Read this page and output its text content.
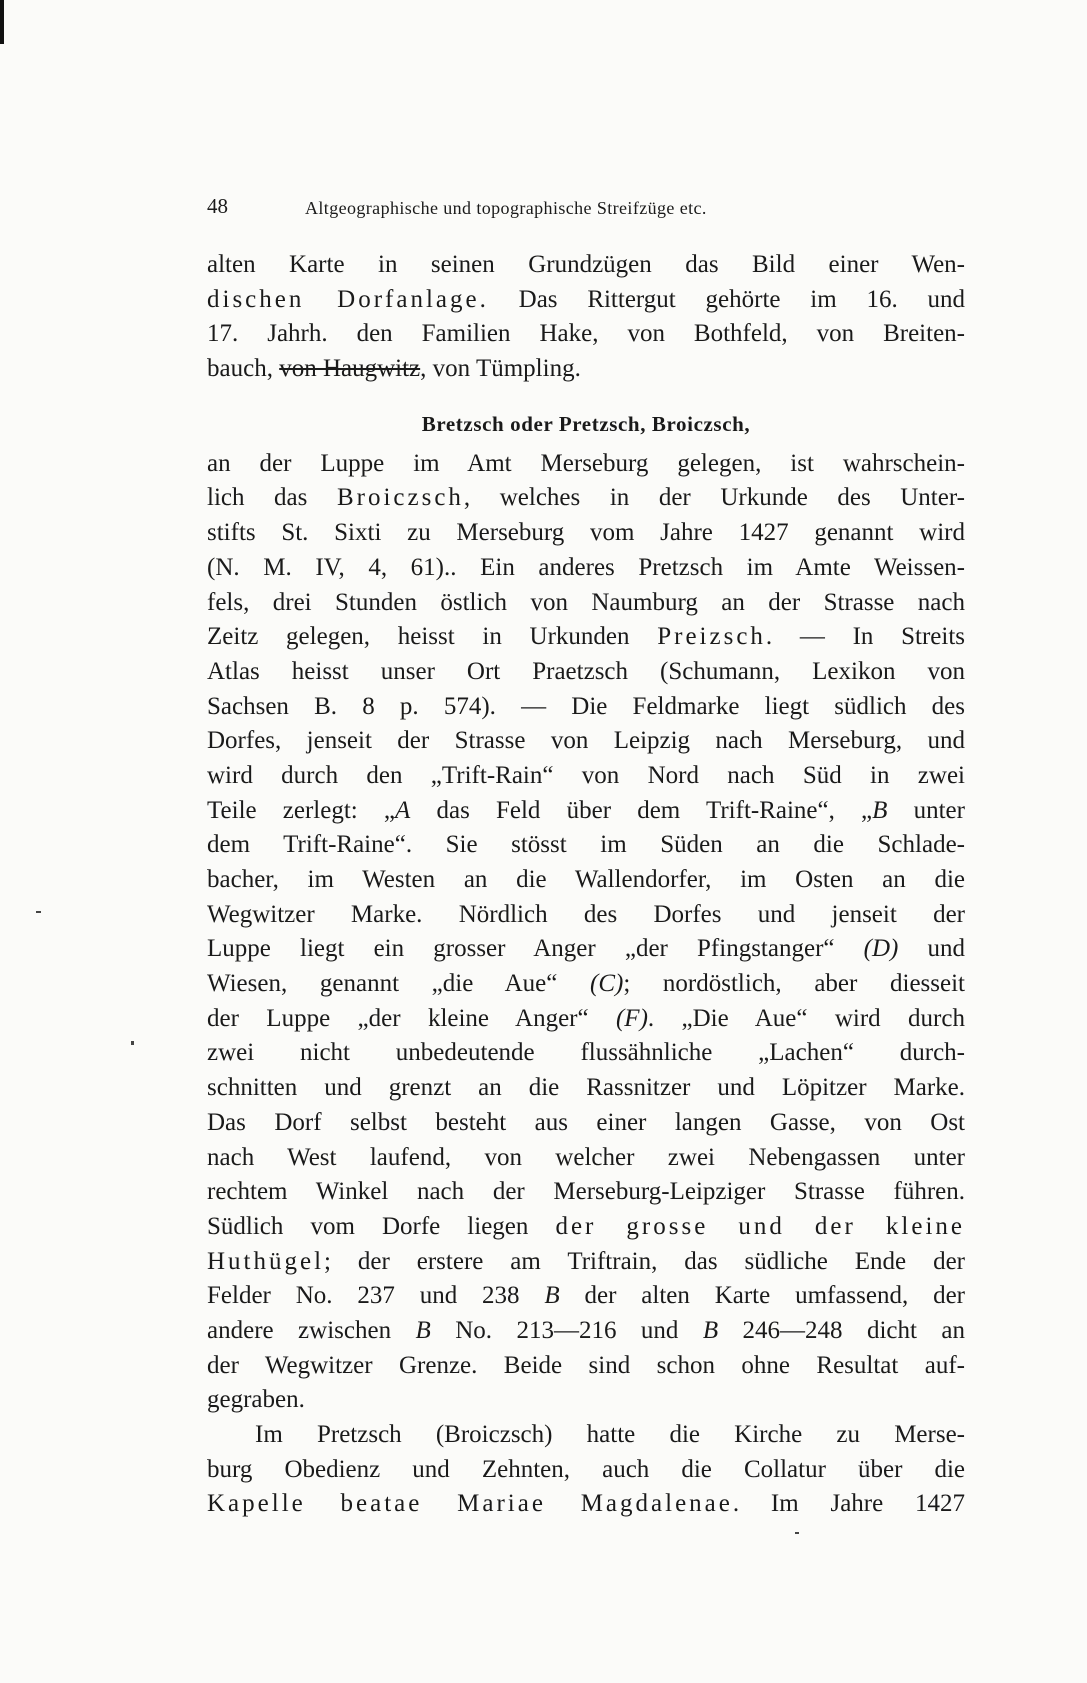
48	Altgeographische und topographische Streifzüge etc.
alten Karte in seinen Grundzügen das Bild einer Wen-
dischen Dorfanlage. Das Rittergut gehörte im 16. und
17. Jahrh. den Familien Hake, von Bothfeld, von Breiten-
bauch, von Haugwitz, von Tümpling.
Bretzsch oder Pretzsch, Broiczsch,
an der Luppe im Amt Merseburg gelegen, ist wahrschein-
lich das Broiczsch, welches in der Urkunde des Unter-
stifts St. Sixti zu Merseburg vom Jahre 1427 genannt wird
(N. M. IV, 4, 61).. Ein anderes Pretzsch im Amte Weissen-
fels, drei Stunden östlich von Naumburg an der Strasse nach
Zeitz gelegen, heisst in Urkunden Preizsch. — In Streits
Atlas heisst unser Ort Praetzsch (Schumann, Lexikon von
Sachsen B. 8 p. 574). — Die Feldmarke liegt südlich des
Dorfes, jenseit der Strasse von Leipzig nach Merseburg, und
wird durch den „Trift-Rain“ von Nord nach Süd in zwei
Teile zerlegt: „A das Feld über dem Trift-Raine“, „B unter
dem Trift-Raine“. Sie stösst im Süden an die Schlade-
bacher, im Westen an die Wallendorfer, im Osten an die
Wegwitzer Marke. Nördlich des Dorfes und jenseit der
Luppe liegt ein grosser Anger „der Pfingstanger“ (D) und
Wiesen, genannt „die Aue“ (C); nordöstlich, aber diesseit
der Luppe „der kleine Anger“ (F). „Die Aue“ wird durch
zwei nicht unbedeutende flussähnliche „Lachen“ durch-
schnitten und grenzt an die Rassnitzer und Löpitzer Marke.
Das Dorf selbst besteht aus einer langen Gasse, von Ost
nach West laufend, von welcher zwei Nebengassen unter
rechtem Winkel nach der Merseburg-Leipziger Strasse führen.
Südlich vom Dorfe liegen der grosse und der kleine
Huthügel; der erstere am Triftrain, das südliche Ende der
Felder No. 237 und 238 B der alten Karte umfassend, der
andere zwischen B No. 213—216 und B 246—248 dicht an
der Wegwitzer Grenze. Beide sind schon ohne Resultat auf-
gegraben.
Im Pretzsch (Broiczsch) hatte die Kirche zu Merse-
burg Obedienz und Zehnten, auch die Collatur über die
Kapelle beatae Mariae Magdalenae. Im Jahre 1427
